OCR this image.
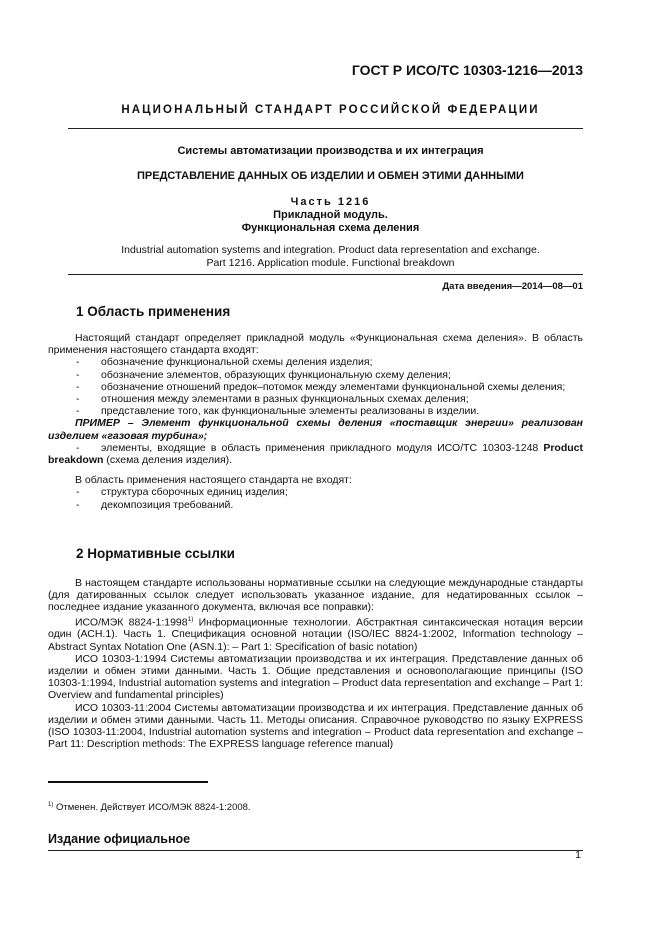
ГОСТ Р ИСО/ТС 10303-1216—2013
НАЦИОНАЛЬНЫЙ СТАНДАРТ РОССИЙСКОЙ ФЕДЕРАЦИИ
Системы автоматизации производства и их интеграция
ПРЕДСТАВЛЕНИЕ ДАННЫХ ОБ ИЗДЕЛИИ И ОБМЕН ЭТИМИ ДАННЫМИ
Часть 1216
Прикладной модуль.
Функциональная схема деления
Industrial automation systems and integration. Product data representation and exchange.
Part 1216. Application module. Functional breakdown
Дата введения—2014—08—01
1 Область применения

Настоящий стандарт определяет прикладной модуль «Функциональная схема деления». В область применения настоящего стандарта входят:

- обозначение функциональной схемы деления изделия;

- обозначение элементов, образующих функциональную схему деления;

- обозначение отношений предок–потомок между элементами функциональной схемы деления;

- отношения между элементами в разных функциональных схемах деления;

- представление того, как функциональные элементы реализованы в изделии.

ПРИМЕР – Элемент функциональной схемы деления «поставщик энергии» реализован изделием «газовая турбина»;

- элементы, входящие в область применения прикладного модуля ИСО/ТС 10303-1248 Product breakdown (схема деления изделия).

В область применения настоящего стандарта не входят:

- структура сборочных единиц изделия;

- декомпозиция требований.

2 Нормативные ссылки

В настоящем стандарте использованы нормативные ссылки на следующие международные стандарты (для датированных ссылок следует использовать указанное издание, для недатированных ссылок – последнее издание указанного документа, включая все поправки):

ИСО/МЭК 8824-1:1998$^{1)}$ Информационные технологии. Абстрактная синтаксическая нотация версии один (АСН.1). Часть 1. Спецификация основной нотации (ISO/IEC 8824-1:2002, Information technology – Abstract Syntax Notation One (ASN.1): – Part 1: Specification of basic notation)

ИСО 10303-1:1994 Системы автоматизации производства и их интеграция. Представление данных об изделии и обмен этими данными. Часть 1. Общие представления и основополагающие принципы (ISO 10303-1:1994, Industrial automation systems and integration – Product data representation and exchange – Part 1: Overview and fundamental principles)

ИСО 10303-11:2004 Системы автоматизации производства и их интеграция. Представление данных об изделии и обмен этими данными. Часть 11. Методы описания. Справочное руководство по языку EXPRESS (ISO 10303-11:2004, Industrial automation systems and integration – Product data representation and exchange – Part 11: Description methods: The EXPRESS language reference manual)

$^{1)}$ Отменен. Действует ИСО/МЭК 8824-1:2008.
Издание официальное
1
